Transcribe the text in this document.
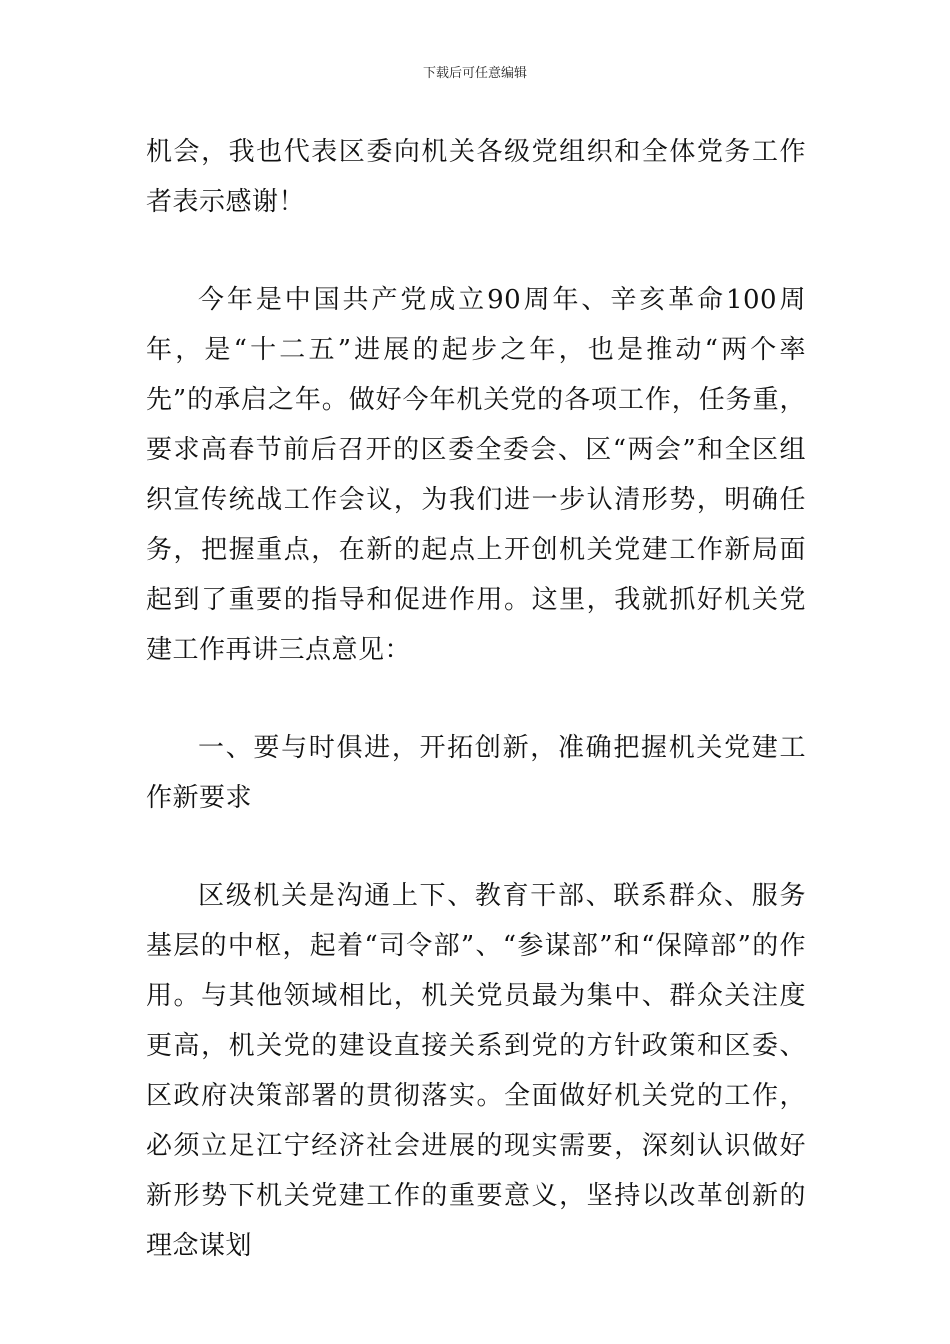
下载后可任意编辑

机会，我也代表区委向机关各级党组织和全体党务工作者表示感谢！

今年是中国共产党成立90周年、辛亥革命100周年，是“十二五”进展的起步之年，也是推动“两个率先”的承启之年。做好今年机关党的各项工作，任务重，要求高春节前后召开的区委全委会、区“两会”和全区组织宣传统战工作会议，为我们进一步认清形势，明确任务，把握重点，在新的起点上开创机关党建工作新局面起到了重要的指导和促进作用。这里，我就抓好机关党建工作再讲三点意见：

一、要与时俱进，开拓创新，准确把握机关党建工作新要求

区级机关是沟通上下、教育干部、联系群众、服务基层的中枢，起着“司令部”、“参谋部”和“保障部”的作用。与其他领域相比，机关党员最为集中、群众关注度更高，机关党的建设直接关系到党的方针政策和区委、区政府决策部署的贯彻落实。全面做好机关党的工作，必须立足江宁经济社会进展的现实需要，深刻认识做好新形势下机关党建工作的重要意义，坚持以改革创新的理念谋划
